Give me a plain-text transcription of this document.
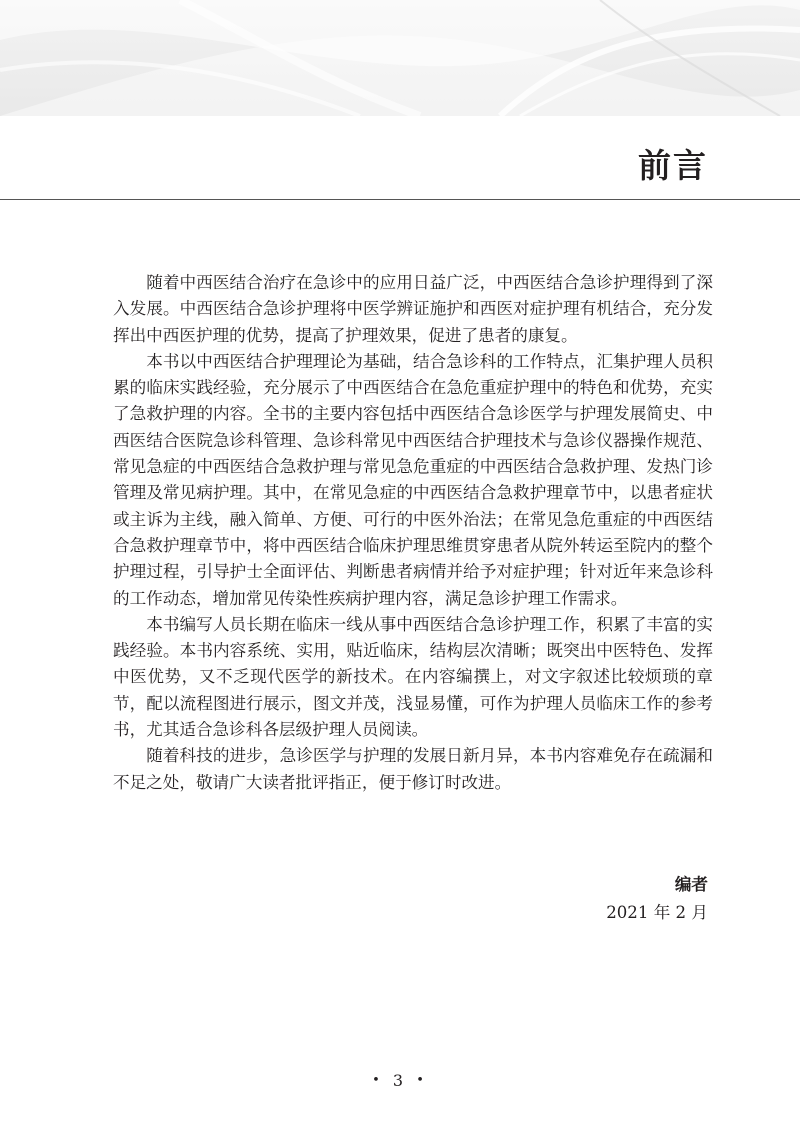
前言

随着中西医结合治疗在急诊中的应用日益广泛，中西医结合急诊护理得到了深入发展。中西医结合急诊护理将中医学辨证施护和西医对症护理有机结合，充分发挥出中西医护理的优势，提高了护理效果，促进了患者的康复。

本书以中西医结合护理理论为基础，结合急诊科的工作特点，汇集护理人员积累的临床实践经验，充分展示了中西医结合在急危重症护理中的特色和优势，充实了急救护理的内容。全书的主要内容包括中西医结合急诊医学与护理发展简史、中西医结合医院急诊科管理、急诊科常见中西医结合护理技术与急诊仪器操作规范、常见急症的中西医结合急救护理与常见急危重症的中西医结合急救护理、发热门诊管理及常见病护理。其中，在常见急症的中西医结合急救护理章节中，以患者症状或主诉为主线，融入简单、方便、可行的中医外治法；在常见急危重症的中西医结合急救护理章节中，将中西医结合临床护理思维贯穿患者从院外转运至院内的整个护理过程，引导护士全面评估、判断患者病情并给予对症护理；针对近年来急诊科的工作动态，增加常见传染性疾病护理内容，满足急诊护理工作需求。

本书编写人员长期在临床一线从事中西医结合急诊护理工作，积累了丰富的实践经验。本书内容系统、实用，贴近临床，结构层次清晰；既突出中医特色、发挥中医优势，又不乏现代医学的新技术。在内容编撰上，对文字叙述比较烦琐的章节，配以流程图进行展示，图文并茂，浅显易懂，可作为护理人员临床工作的参考书，尤其适合急诊科各层级护理人员阅读。

随着科技的进步，急诊医学与护理的发展日新月异，本书内容难免存在疏漏和不足之处，敬请广大读者批评指正，便于修订时改进。

编者
2021 年 2 月
• 3 •
